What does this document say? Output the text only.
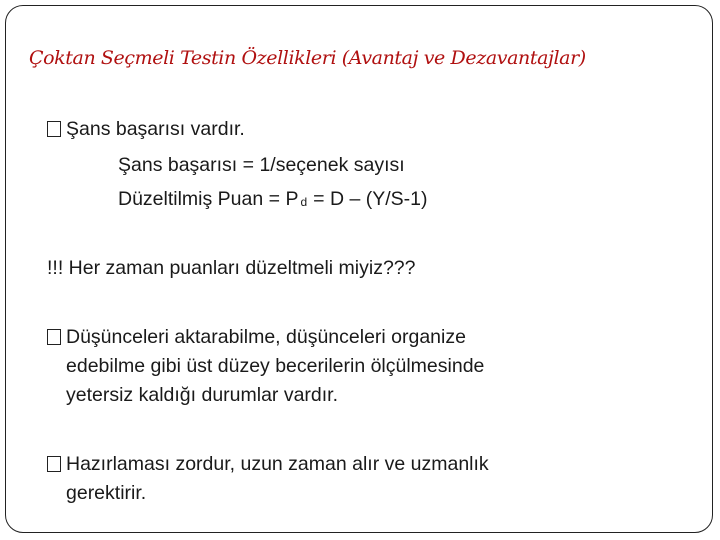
Çoktan Seçmeli Testin Özellikleri (Avantaj ve Dezavantajlar)
Şans başarısı vardır.
Şans başarısı = 1/seçenek sayısı
Düzeltilmiş Puan = P $_d$ = D – (Y/S-1)
!!! Her zaman puanları düzeltmeli miyiz???
Düşünceleri aktarabilme, düşünceleri organize
edebilme gibi üst düzey becerilerin ölçülmesinde
yetersiz kaldığı durumlar vardır.
Hazırlaması zordur, uzun zaman alır ve uzmanlık
gerektirir.
